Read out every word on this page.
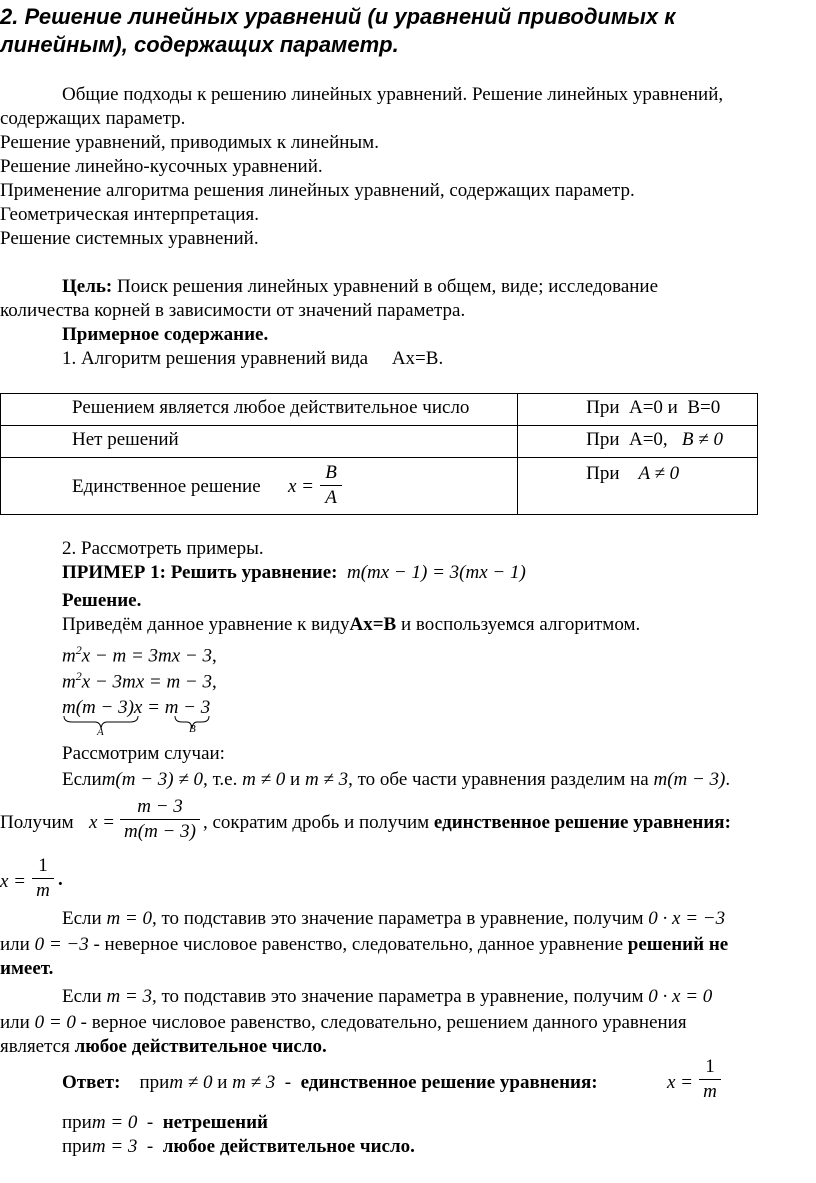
2. Решение линейных уравнений (и уравнений приводимых к
линейным), содержащих параметр.
Общие подходы к решению линейных уравнений. Решение линейных уравнений,
содержащих параметр.
Решение уравнений, приводимых к линейным.
Решение линейно-кусочных уравнений.
Применение алгоритма решения линейных уравнений, содержащих параметр.
Геометрическая интерпретация.
Решение системных уравнений.
Цель: Поиск решения линейных уравнений в общем, виде; исследование
количества корней в зависимости от значений параметра.
Примерное содержание.
1. Алгоритм решения уравнений вида     Ax=B.
Решением является любое действительное число	При  A=0 и  B=0
Нет решений	При  A=0, B ≠ 0

Единственное решение x =
B
A	При A ≠ 0
2. Рассмотреть примеры.
ПРИМЕР 1: Решить уравнение: m(mx − 1) = 3(mx − 1)
Решение.
Приведём данное уравнение к видуAx=B и воспользуемся алгоритмом.
$m^2x - m = 3mx - 3$,
$m^2x - 3mx = m - 3$,
m(m − 3)x = m − 3
A	B
Рассмотрим случаи:
Еслиm(m − 3) ≠ 0, т.е. m ≠ 0 и m ≠ 3, то обе части уравнения разделим на m(m − 3).
Получим x =
m − 3
m(m − 3) , сократим дробь и получим единственное решение уравнения:
x =
1
m
.
Если m = 0, то подставив это значение параметра в уравнение, получим 0 · x = −3
или 0 = −3 - неверное числовое равенство, следовательно, данное уравнение решений не
имеет.
Если m = 3, то подставив это значение параметра в уравнение, получим 0 · x = 0
или 0 = 0 - верное числовое равенство, следовательно, решением данного уравнения
является любое действительное число.
Ответ: приm ≠ 0 и m ≠ 3  -  единственное решение уравнения:	x =
1
m
приm = 0  -  нетрешений
приm = 3  -  любое действительное число.
